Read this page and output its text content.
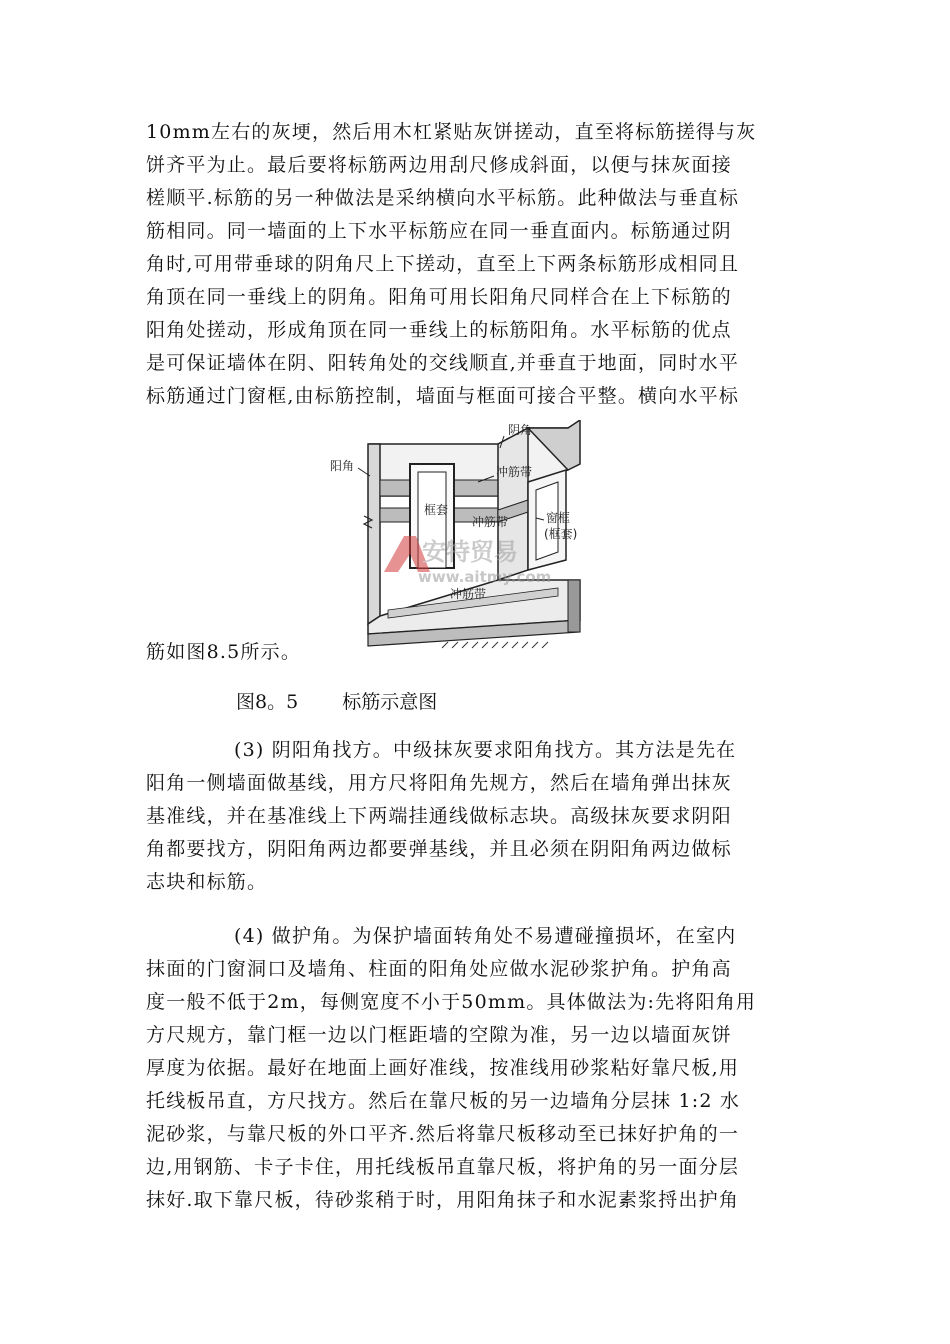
10mm左右的灰埂，然后用木杠紧贴灰饼搓动，直至将标筋搓得与灰
饼齐平为止。最后要将标筋两边用刮尺修成斜面，以便与抹灰面接
槎顺平.标筋的另一种做法是采纳横向水平标筋。此种做法与垂直标
筋相同。同一墙面的上下水平标筋应在同一垂直面内。标筋通过阴
角时,可用带垂球的阴角尺上下搓动，直至上下两条标筋形成相同且
角顶在同一垂线上的阴角。阳角可用长阳角尺同样合在上下标筋的
阳角处搓动，形成角顶在同一垂线上的标筋阳角。水平标筋的优点
是可保证墙体在阴、阳转角处的交线顺直,并垂直于地面，同时水平
标筋通过门窗框,由标筋控制，墙面与框面可接合平整。横向水平标
安特贸易
www.aitmy.com
阴角
阳角	冲筋带
框套
冲筋带	窗框
(框套)
冲筋带
筋如图8.5所示。
图8。5 标筋示意图
(3) 阴阳角找方。中级抹灰要求阳角找方。其方法是先在
阳角一侧墙面做基线，用方尺将阳角先规方，然后在墙角弹出抹灰
基准线，并在基准线上下两端挂通线做标志块。高级抹灰要求阴阳
角都要找方，阴阳角两边都要弹基线，并且必须在阴阳角两边做标
志块和标筋。
(4) 做护角。为保护墙面转角处不易遭碰撞损坏，在室内
抹面的门窗洞口及墙角、柱面的阳角处应做水泥砂浆护角。护角高
度一般不低于2m，每侧宽度不小于50mm。具体做法为:先将阳角用
方尺规方，靠门框一边以门框距墙的空隙为准，另一边以墙面灰饼
厚度为依据。最好在地面上画好准线，按准线用砂浆粘好靠尺板,用
托线板吊直，方尺找方。然后在靠尺板的另一边墙角分层抹 1:2 水
泥砂浆，与靠尺板的外口平齐.然后将靠尺板移动至已抹好护角的一
边,用钢筋、卡子卡住，用托线板吊直靠尺板，将护角的另一面分层
抹好.取下靠尺板，待砂浆稍于时，用阳角抹子和水泥素浆捋出护角
